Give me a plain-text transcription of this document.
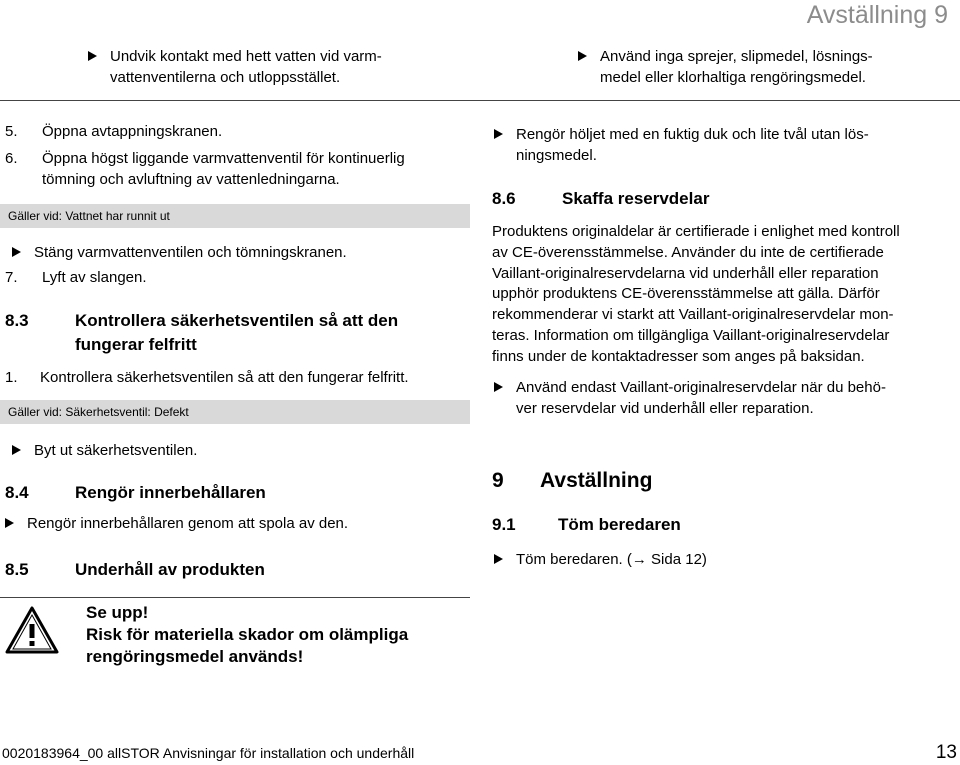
Avställning 9
Undvik kontakt med hett vatten vid varm-
vattenventilerna och utloppsstället.
Använd inga sprejer, slipmedel, lösnings-
medel eller klorhaltiga rengöringsmedel.
5.	Öppna avtappningskranen.
6.	Öppna högst liggande varmvattenventil för kontinuerlig
tömning och avluftning av vattenledningarna.
Gäller vid: Vattnet har runnit ut
Stäng varmvattenventilen och tömningskranen.
7.	Lyft av slangen.
8.3	Kontrollera säkerhetsventilen så att den
fungerar felfritt
1.	Kontrollera säkerhetsventilen så att den fungerar felfritt.
Gäller vid: Säkerhetsventil: Defekt
Byt ut säkerhetsventilen.
8.4	Rengör innerbehållaren
Rengör innerbehållaren genom att spola av den.
8.5	Underhåll av produkten
Se upp!
Risk för materiella skador om olämpliga
rengöringsmedel används!
Rengör höljet med en fuktig duk och lite tvål utan lös-
ningsmedel.
8.6	Skaffa reservdelar
Produktens originaldelar är certifierade i enlighet med kontroll
av CE-överensstämmelse. Använder du inte de certifierade
Vaillant-originalreservdelarna vid underhåll eller reparation
upphör produktens CE-överensstämmelse att gälla. Därför
rekommenderar vi starkt att Vaillant-originalreservdelar mon-
teras. Information om tillgängliga Vaillant-originalreservdelar
finns under de kontaktadresser som anges på baksidan.
Använd endast Vaillant-originalreservdelar när du behö-
ver reservdelar vid underhåll eller reparation.
9	Avställning
9.1	Töm beredaren
Töm beredaren. (→ Sida 12)
0020183964_00 allSTOR Anvisningar för installation och underhåll	13
